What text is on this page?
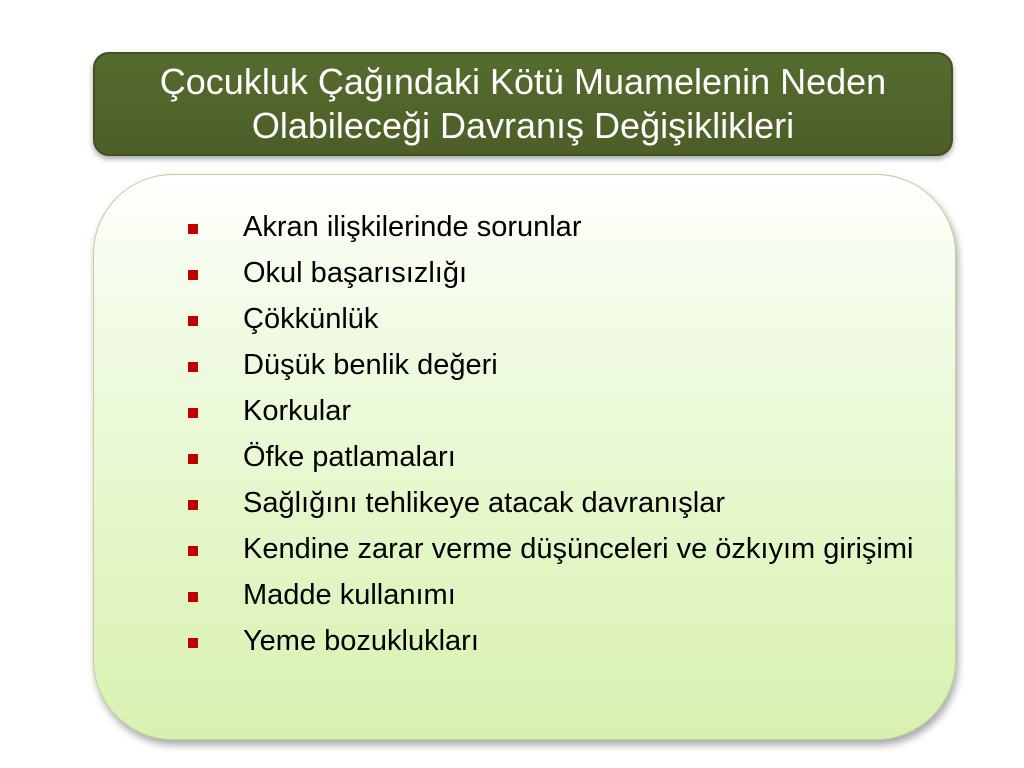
Çocukluk Çağındaki Kötü Muamelenin Neden
Olabileceği Davranış Değişiklikleri
Akran ilişkilerinde sorunlar
Okul başarısızlığı
Çökkünlük
Düşük benlik değeri
Korkular
Öfke patlamaları
Sağlığını tehlikeye atacak davranışlar
Kendine zarar verme düşünceleri ve özkıyım girişimi
Madde kullanımı
Yeme bozuklukları
